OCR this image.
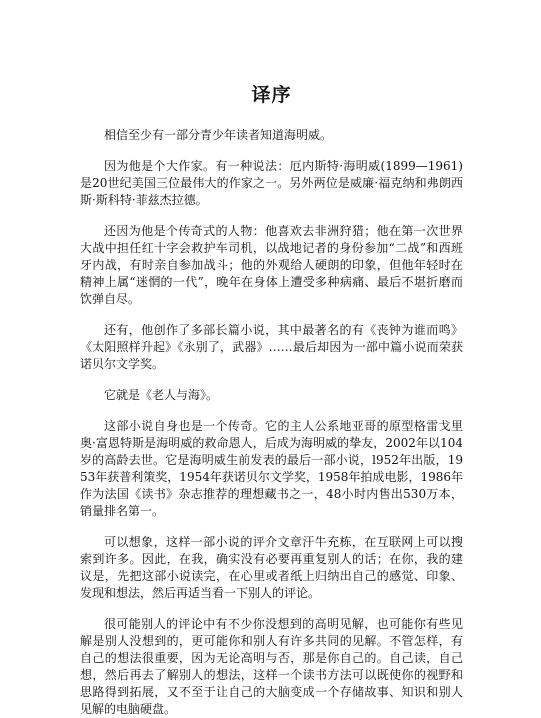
译序

相信至少有一部分青少年读者知道海明威。

因为他是个大作家。有一种说法：厄内斯特·海明威(1899—1961)是20世纪美国三位最伟大的作家之一。另外两位是威廉·福克纳和弗朗西斯·斯科特·菲兹杰拉德。

还因为他是个传奇式的人物：他喜欢去非洲狩猎；他在第一次世界大战中担任红十字会救护车司机，以战地记者的身份参加“二战”和西班牙内战，有时亲自参加战斗；他的外观给人硬朗的印象，但他年轻时在精神上属“迷惘的一代”，晚年在身体上遭受多种病痛、最后不堪折磨而饮弹自尽。

还有，他创作了多部长篇小说，其中最著名的有《丧钟为谁而鸣》《太阳照样升起》《永别了，武器》……最后却因为一部中篇小说而荣获诺贝尔文学奖。

它就是《老人与海》。

这部小说自身也是一个传奇。它的主人公系地亚哥的原型格雷戈里奥·富恩特斯是海明威的救命恩人，后成为海明威的挚友，2002年以104岁的高龄去世。它是海明威生前发表的最后一部小说，l952年出版，1953年获普利策奖，1954年获诺贝尔文学奖，1958年拍成电影，1986年作为法国《读书》杂志推荐的理想藏书之一，48小时内售出530万本，销量排名第一。

可以想象，这样一部小说的评介文章汗牛充栋，在互联网上可以搜索到许多。因此，在我，确实没有必要再重复别人的话；在你，我的建议是，先把这部小说读完，在心里或者纸上归纳出自己的感觉、印象、发现和想法，然后再适当看一下别人的评论。

很可能别人的评论中有不少你没想到的高明见解，也可能你有些见解是别人没想到的，更可能你和别人有许多共同的见解。不管怎样，有自己的想法很重要，因为无论高明与否，那是你自己的。自己读，自己想，然后再去了解别人的想法，这样一个读书方法可以既使你的视野和思路得到拓展，又不至于让自己的大脑变成一个存储故事、知识和别人见解的电脑硬盘。
